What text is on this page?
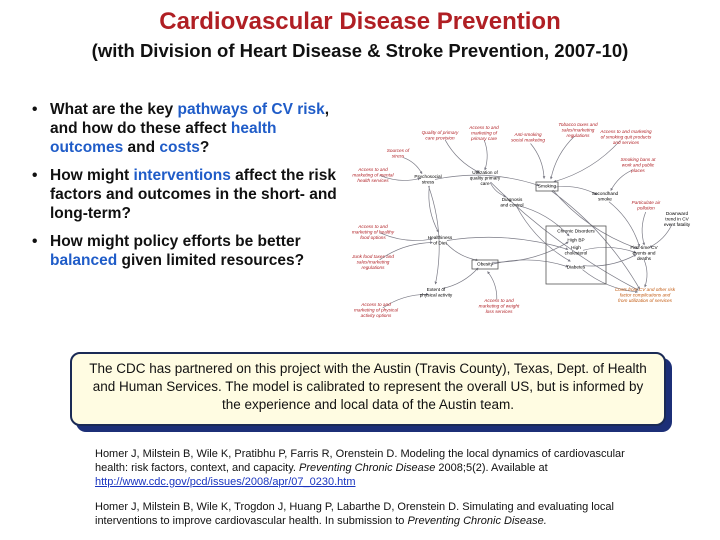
Cardiovascular Disease Prevention
(with Division of Heart Disease & Stroke Prevention, 2007-10)
• What are the key pathways of CV risk, and how do these affect health outcomes and costs?
• How might interventions affect the risk factors and outcomes in the short- and long-term?
• How might policy efforts be better balanced given limited resources?
Quality of primary care provision
Access to and marketing of primary care
Anti-smoking social marketing
Tobacco taxes and sales/marketing regulations
Access to and marketing of smoking quit products and services
Sources of stress
Smoking bans at work and public places
Access to and marketing of mental health services
Psychosocial stress
Utilization of quality primary care
Smoking
Secondhand smoke
Particulate air pollution
Diagnosis and control
Downward trend in CV event fatality
Access to and marketing of healthy food options
Chronic Disorders
High BP
High cholesterol
Diabetes
Healthiness of Diet
First-time CV events and deaths
Junk food taxes and sales/marketing regulations
Obesity
Costs from CV and other risk factor complications and from utilization of services
Extent of physical activity
Access to and marketing of weight loss services
Access to and marketing of physical activity options
The CDC has partnered on this project with the Austin (Travis County), Texas, Dept. of Health and Human Services. The model is calibrated to represent the overall US, but is informed by the experience and local data of the Austin team.
Homer J, Milstein B, Wile K, Pratibhu P, Farris R, Orenstein D. Modeling the local dynamics of cardiovascular health: risk factors, context, and capacity. Preventing Chronic Disease 2008;5(2). Available at http://www.cdc.gov/pcd/issues/2008/apr/07_0230.htm
Homer J, Milstein B, Wile K, Trogdon J, Huang P, Labarthe D, Orenstein D. Simulating and evaluating local interventions to improve cardiovascular health. In submission to Preventing Chronic Disease.
